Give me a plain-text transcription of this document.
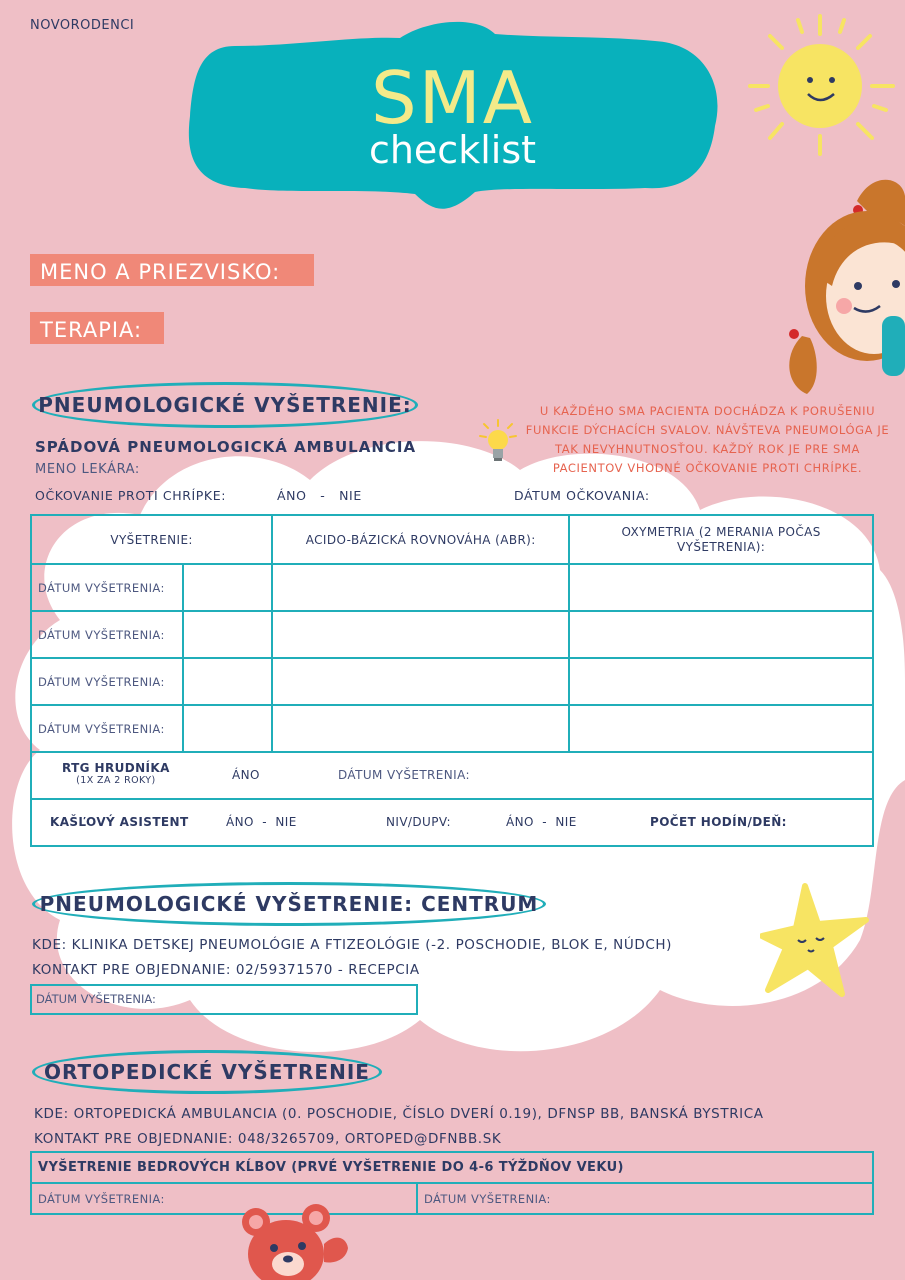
NOVORODENCI
SMA
checklist
MENO A PRIEZVISKO:
TERAPIA:
PNEUMOLOGICKÉ VYŠETRENIE:	U KAŽDÉHO SMA PACIENTA DOCHÁDZA K PORUŠENIU FUNKCIE DÝCHACÍCH SVALOV. NÁVŠTEVA PNEUMOLÓGA JE TAK NEVYHNUTNOSŤOU. KAŽDÝ ROK JE PRE SMA PACIENTOV VHODNÉ OČKOVANIE PROTI CHRÍPKE.
SPÁDOVÁ PNEUMOLOGICKÁ AMBULANCIA
MENO LEKÁRA:
OČKOVANIE PROTI CHRÍPKE:	ÁNO   -   NIE	DÁTUM OČKOVANIA:
VYŠETRENIE:		ACIDO-BÁZICKÁ ROVNOVÁHA (ABR):	OXYMETRIA (2 MERANIA POČAS VYŠETRENIA):
DÁTUM VYŠETRENIA:			
DÁTUM VYŠETRENIA:			
DÁTUM VYŠETRENIA:			
DÁTUM VYŠETRENIA:			

RTG HRUDNÍKA
(1X ZA 2 ROKY) ÁNO DÁTUM VYŠETRENIA:			

KAŠĽOVÝ ASISTENT ÁNO  -  NIE NIV/DUPV: ÁNO  -  NIE POČET HODÍN/DEŇ:			
PNEUMOLOGICKÉ VYŠETRENIE: CENTRUM
KDE: KLINIKA DETSKEJ PNEUMOLÓGIE A FTIZEOLÓGIE (-2. POSCHODIE, BLOK E, NÚDCH)
KONTAKT PRE OBJEDNANIE: 02/59371570 - RECEPCIA
DÁTUM VYŠETRENIA:
ORTOPEDICKÉ VYŠETRENIE
KDE: ORTOPEDICKÁ AMBULANCIA (0. POSCHODIE, ČÍSLO DVERÍ 0.19), DFNSP BB, BANSKÁ BYSTRICA
KONTAKT PRE OBJEDNANIE: 048/3265709, ORTOPED@DFNBB.SK
VYŠETRENIE BEDROVÝCH KĹBOV (PRVÉ VYŠETRENIE DO 4-6 TÝŽDŇOV VEKU)
DÁTUM VYŠETRENIA:	DÁTUM VYŠETRENIA:
